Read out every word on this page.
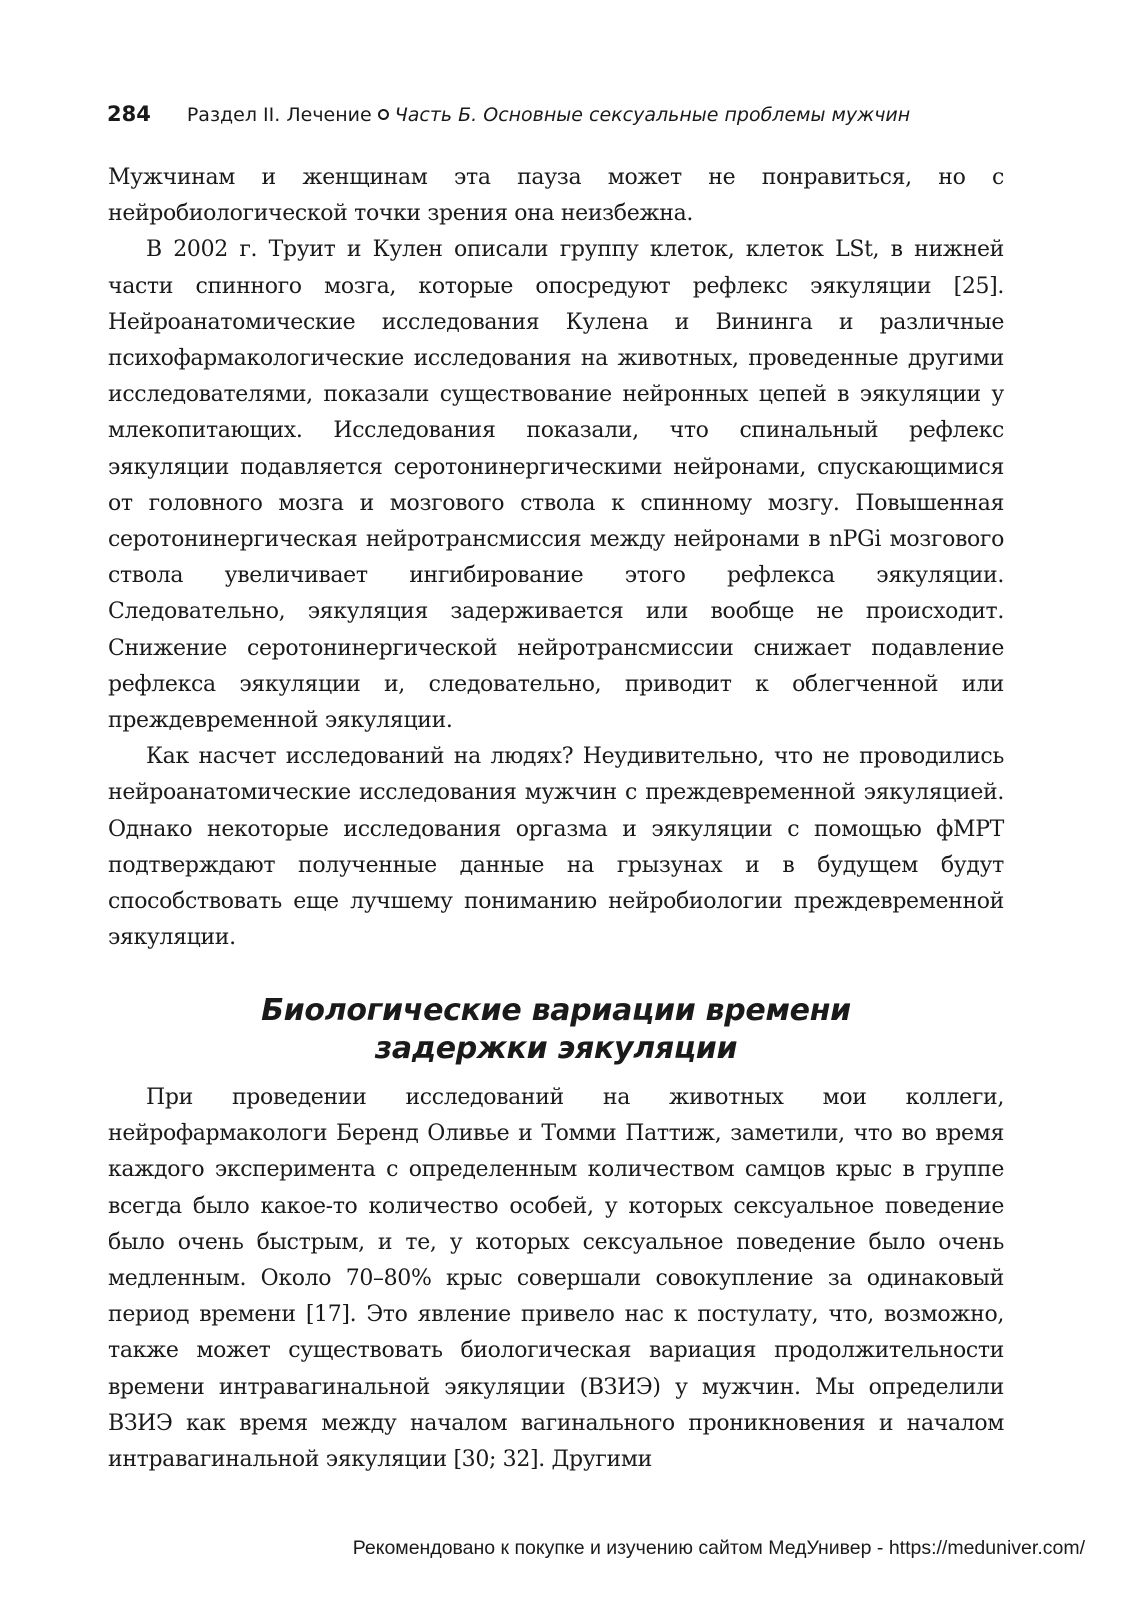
284 Раздел II. Лечение Часть Б. Основные сексуальные проблемы мужчин

Мужчинам и женщинам эта пауза может не понравиться, но с нейробиологической точки зрения она неизбежна.

В 2002 г. Труит и Кулен описали группу клеток, клеток LSt, в нижней части спинного мозга, которые опосредуют рефлекс эякуляции [25]. Нейроанатомические исследования Кулена и Вининга и различные психофармакологические исследования на животных, проведенные другими исследователями, показали существование нейронных цепей в эякуляции у млекопитающих. Исследования показали, что спинальный рефлекс эякуляции подавляется серотонинергическими нейронами, спускающимися от головного мозга и мозгового ствола к спинному мозгу. Повышенная серотонинергическая нейротрансмиссия между нейронами в nPGi мозгового ствола увеличивает ингибирование этого рефлекса эякуляции. Следовательно, эякуляция задерживается или вообще не происходит. Снижение серотонинергической нейротрансмиссии снижает подавление рефлекса эякуляции и, следовательно, приводит к облегченной или преждевременной эякуляции.

Как насчет исследований на людях? Неудивительно, что не проводились нейроанатомические исследования мужчин с преждевременной эякуляцией. Однако некоторые исследования оргазма и эякуляции с помощью фМРТ подтверждают полученные данные на грызунах и в будущем будут способствовать еще лучшему пониманию нейробиологии преждевременной эякуляции.

Биологические вариации времени
задержки эякуляции

При проведении исследований на животных мои коллеги, нейрофармакологи Беренд Оливье и Томми Паттиж, заметили, что во время каждого эксперимента с определенным количеством самцов крыс в группе всегда было какое-то количество особей, у которых сексуальное поведение было очень быстрым, и те, у которых сексуальное поведение было очень медленным. Около 70–80% крыс совершали совокупление за одинаковый период времени [17]. Это явление привело нас к постулату, что, возможно, также может существовать биологическая вариация продолжительности времени интравагинальной эякуляции (ВЗИЭ) у мужчин. Мы определили ВЗИЭ как время между началом вагинального проникновения и началом интравагинальной эякуляции [30; 32]. Другими

Рекомендовано к покупке и изучению сайтом МедУнивер - https://meduniver.com/
